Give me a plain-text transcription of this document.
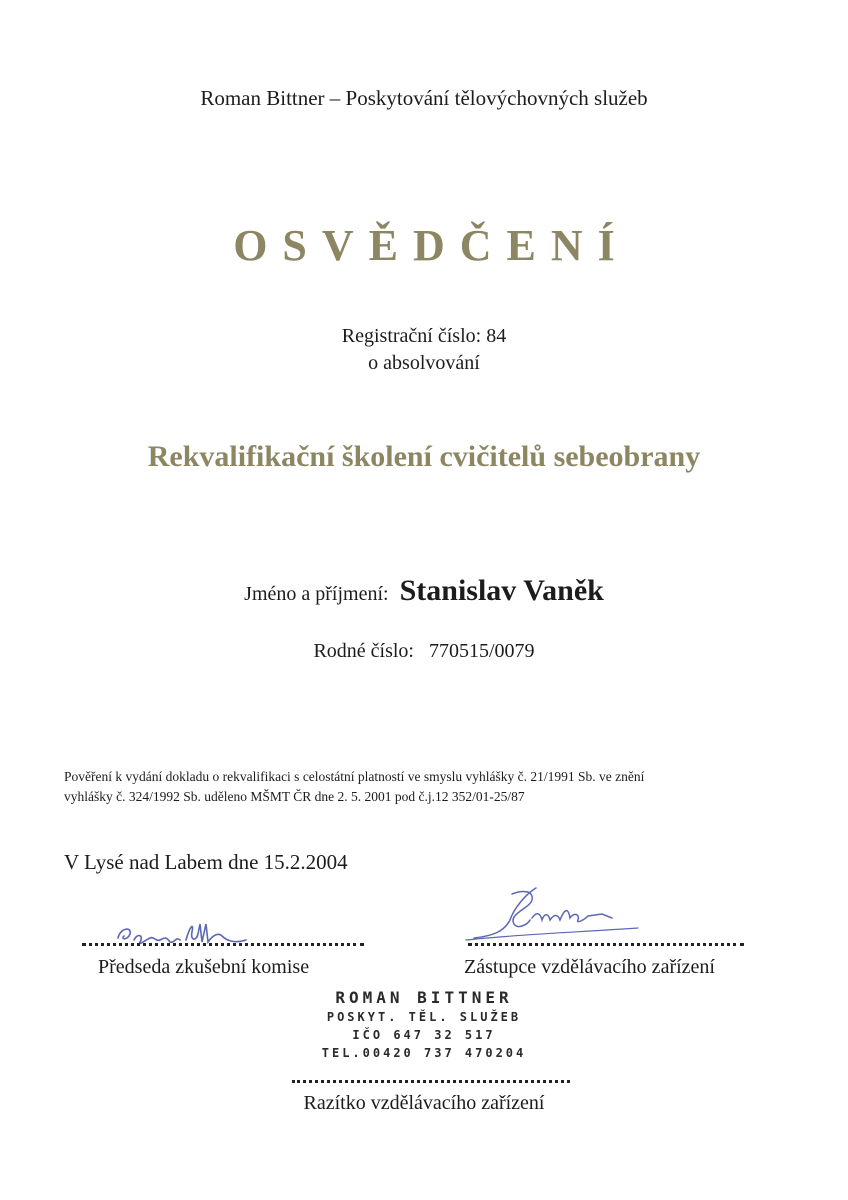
Roman Bittner – Poskytování tělovýchovných služeb
OSVĚDČENÍ
Registrační číslo: 84
o absolvování
Rekvalifikační školení cvičitelů sebeobrany
Jméno a příjmení: Stanislav Vaněk
Rodné číslo: 770515/0079
Pověření k vydání dokladu o rekvalifikaci s celostátní platností ve smyslu vyhlášky č. 21/1991 Sb. ve znění
vyhlášky č. 324/1992 Sb. uděleno MŠMT ČR dne 2. 5. 2001 pod č.j.12 352/01-25/87
V Lysé nad Labem dne 15.2.2004
Předseda zkušební komise	Zástupce vzdělávacího zařízení
ROMAN BITTNER
POSKYT. TĚL. SLUŽEB
IČO 647 32 517
TEL.00420 737 470204
Razítko vzdělávacího zařízení
